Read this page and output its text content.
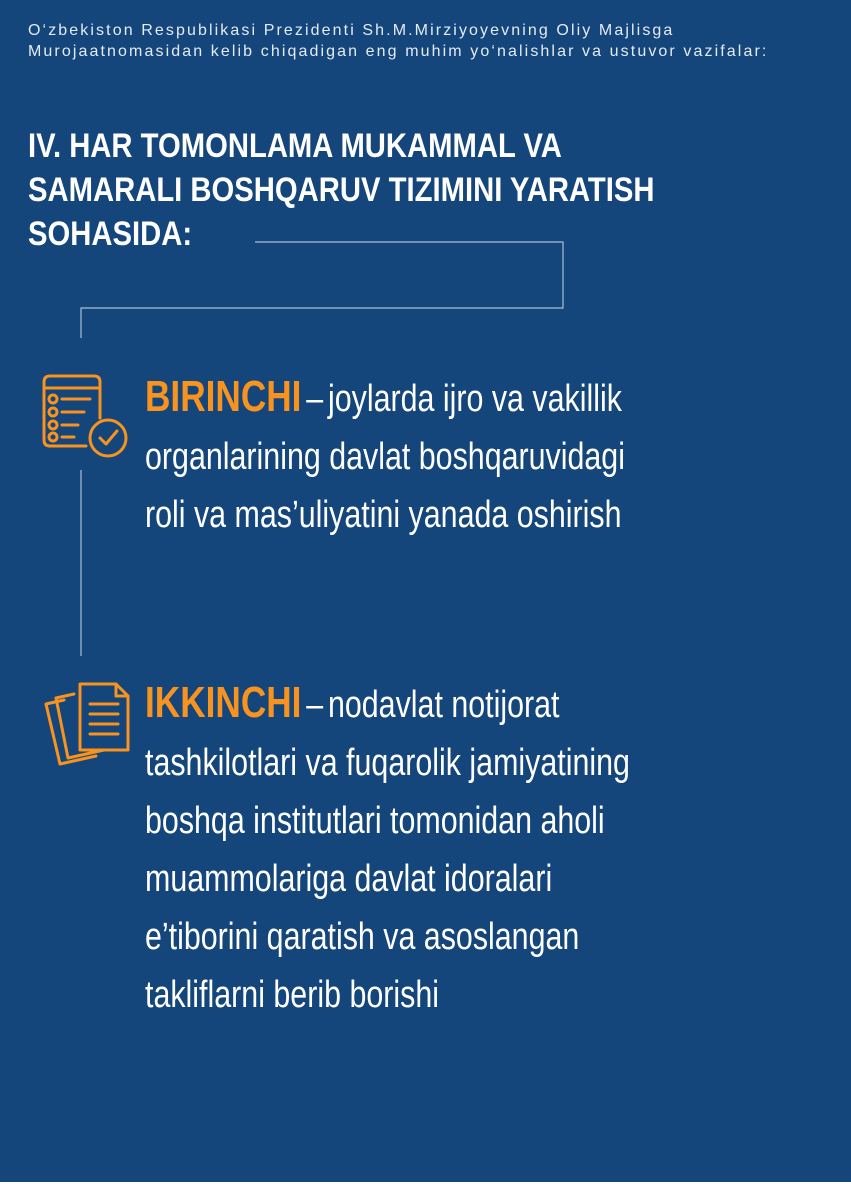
O‘zbekiston Respublikasi Prezidenti Sh.M.Mirziyoyevning Oliy Majlisga
Murojaatnomasidan kelib chiqadigan eng muhim yo‘nalishlar va ustuvor vazifalar:
IV. HAR TOMONLAMA MUKAMMAL VA
SAMARALI BOSHQARUV TIZIMINI YARATISH
SOHASIDA:
BIRINCHI – joylarda ijro va vakillik
organlarining davlat boshqaruvidagi
roli va mas’uliyatini yanada oshirish
IKKINCHI – nodavlat notijorat
tashkilotlari va fuqarolik jamiyatining
boshqa institutlari tomonidan aholi
muammolariga davlat idoralari
e’tiborini qaratish va asoslangan
takliflarni berib borishi
